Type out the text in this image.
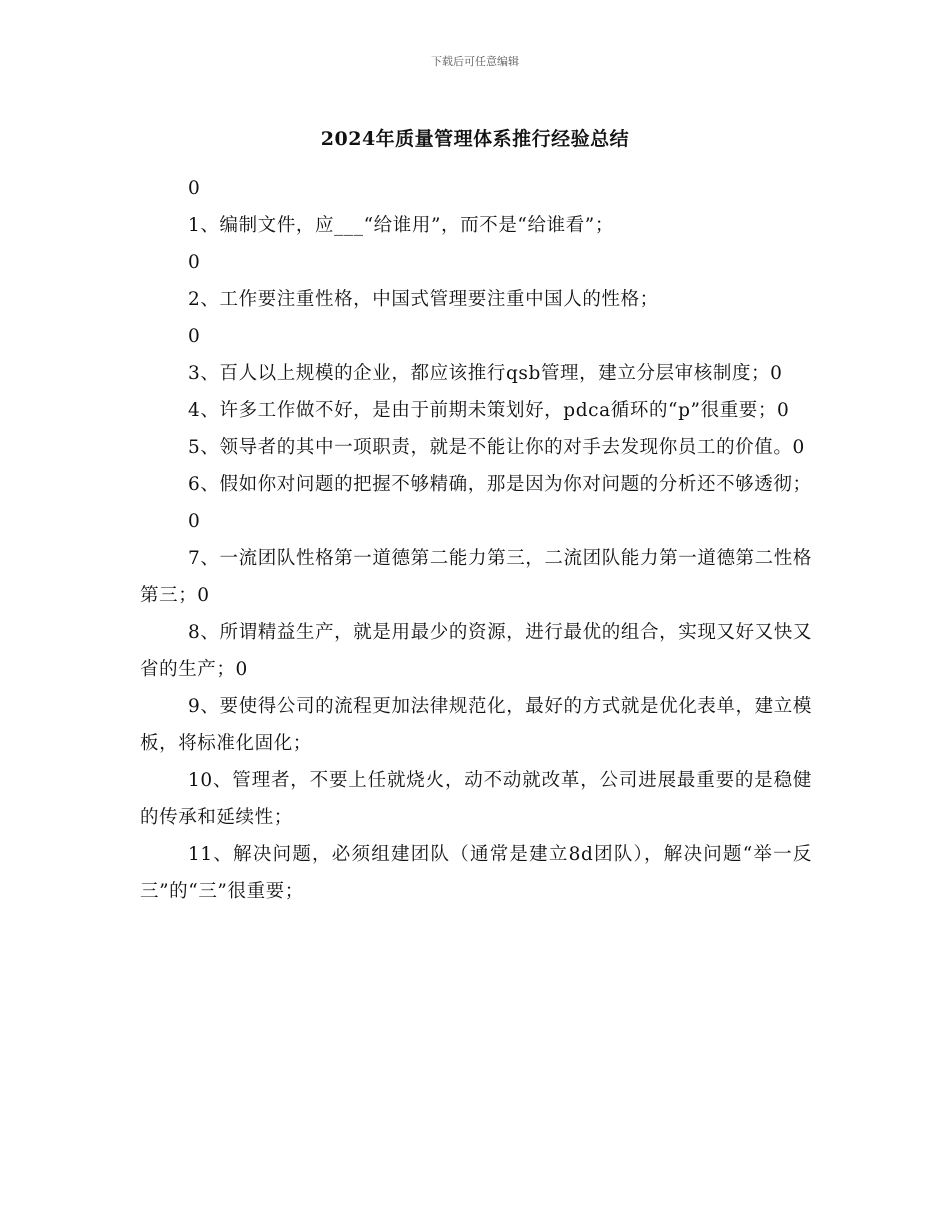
下载后可任意编辑
2024年质量管理体系推行经验总结

0

1、编制文件，应___“给谁用”，而不是“给谁看”；

0

2、工作要注重性格，中国式管理要注重中国人的性格；

0

3、百人以上规模的企业，都应该推行qsb管理，建立分层审核制度；0

4、许多工作做不好，是由于前期未策划好，pdca循环的“p”很重要；0

5、领导者的其中一项职责，就是不能让你的对手去发现你员工的价值。0

6、假如你对问题的把握不够精确，那是因为你对问题的分析还不够透彻；

0

7、一流团队性格第一道德第二能力第三，二流团队能力第一道德第二性格第三；0

8、所谓精益生产，就是用最少的资源，进行最优的组合，实现又好又快又省的生产；0

9、要使得公司的流程更加法律规范化，最好的方式就是优化表单，建立模板，将标准化固化；

10、管理者，不要上任就烧火，动不动就改革，公司进展最重要的是稳健的传承和延续性；

11、解决问题，必须组建团队（通常是建立8d团队），解决问题“举一反三”的“三”很重要；
